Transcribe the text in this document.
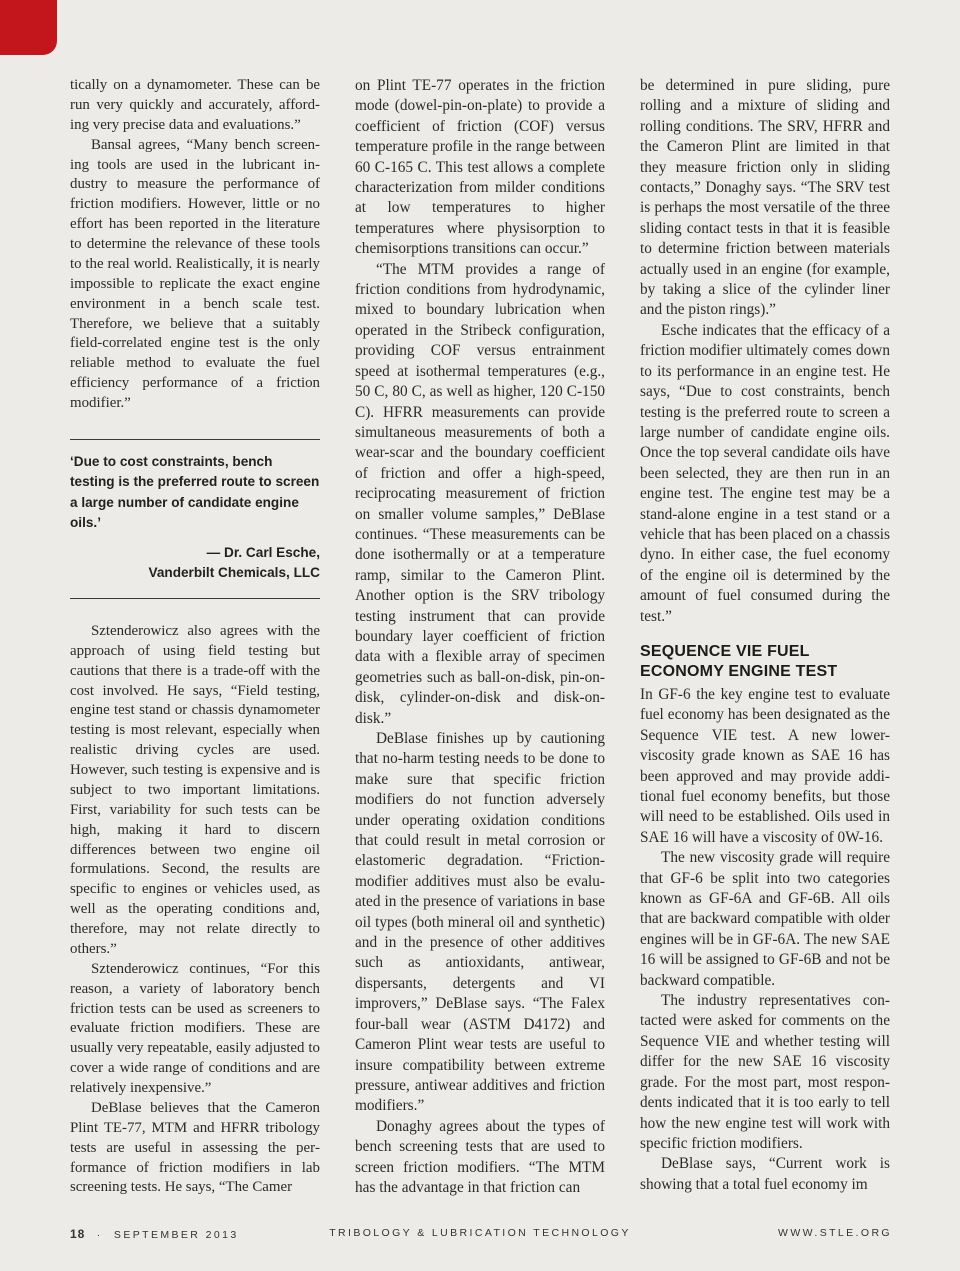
tically on a dynamometer. These can be run very quickly and accurately, affording very precise data and evaluations.”

Bansal agrees, “Many bench screening tools are used in the lubricant industry to measure the performance of friction modifiers. However, little or no effort has been reported in the literature to determine the relevance of these tools to the real world. Realistically, it is nearly impossible to replicate the exact engine environment in a bench scale test. Therefore, we believe that a suitably field-correlated engine test is the only reliable method to evaluate the fuel efficiency performance of a friction modifier.”

‘Due to cost constraints, bench testing is the preferred route to screen a large number of candidate engine oils.’
— Dr. Carl Esche,
Vanderbilt Chemicals, LLC

Sztenderowicz also agrees with the approach of using field testing but cautions that there is a trade-off with the cost involved. He says, “Field testing, engine test stand or chassis dynamometer testing is most relevant, especially when realistic driving cycles are used. However, such testing is expensive and is subject to two important limitations. First, variability for such tests can be high, making it hard to discern differences between two engine oil formulations. Second, the results are specific to engines or vehicles used, as well as the operating conditions and, therefore, may not relate directly to others.”

Sztenderowicz continues, “For this reason, a variety of laboratory bench friction tests can be used as screeners to evaluate friction modifiers. These are usually very repeatable, easily adjusted to cover a wide range of conditions and are relatively inexpensive.”

DeBlase believes that the Cameron Plint TE-77, MTM and HFRR tribology tests are useful in assessing the performance of friction modifiers in lab screening tests. He says, “The Camer

on Plint TE-77 operates in the friction mode (dowel-pin-on-plate) to provide a coefficient of friction (COF) versus temperature profile in the range between 60 C-165 C. This test allows a complete characterization from milder conditions at low temperatures to higher temperatures where physisorption to chemisorptions transitions can occur.”

“The MTM provides a range of friction conditions from hydrodynamic, mixed to boundary lubrication when operated in the Stribeck configuration, providing COF versus entrainment speed at isothermal temperatures (e.g., 50 C, 80 C, as well as higher, 120 C-150 C). HFRR measurements can provide simultaneous measurements of both a wear-scar and the boundary coefficient of friction and offer a high-speed, reciprocating measurement of friction on smaller volume samples,” DeBlase continues. “These measurements can be done isothermally or at a temperature ramp, similar to the Cameron Plint. Another option is the SRV tribology testing instrument that can provide boundary layer coefficient of friction data with a flexible array of specimen geometries such as ball-on-disk, pin-on-disk, cylinder-on-disk and disk-on-disk.”

DeBlase finishes up by cautioning that no-harm testing needs to be done to make sure that specific friction modifiers do not function adversely under operating oxidation conditions that could result in metal corrosion or elastomeric degradation. “Friction-modifier additives must also be evaluated in the presence of variations in base oil types (both mineral oil and synthetic) and in the presence of other additives such as antioxidants, antiwear, dispersants, detergents and VI improvers,” DeBlase says. “The Falex four-ball wear (ASTM D4172) and Cameron Plint wear tests are useful to insure compatibility between extreme pressure, antiwear additives and friction modifiers.”

Donaghy agrees about the types of bench screening tests that are used to screen friction modifiers. “The MTM has the advantage in that friction can

be determined in pure sliding, pure rolling and a mixture of sliding and rolling conditions. The SRV, HFRR and the Cameron Plint are limited in that they measure friction only in sliding contacts,” Donaghy says. “The SRV test is perhaps the most versatile of the three sliding contact tests in that it is feasible to determine friction between materials actually used in an engine (for example, by taking a slice of the cylinder liner and the piston rings).”

Esche indicates that the efficacy of a friction modifier ultimately comes down to its performance in an engine test. He says, “Due to cost constraints, bench testing is the preferred route to screen a large number of candidate engine oils. Once the top several candidate oils have been selected, they are then run in an engine test. The engine test may be a stand-alone engine in a test stand or a vehicle that has been placed on a chassis dyno. In either case, the fuel economy of the engine oil is determined by the amount of fuel consumed during the test.”

SEQUENCE VIE FUEL
ECONOMY ENGINE TEST

In GF-6 the key engine test to evaluate fuel economy has been designated as the Sequence VIE test. A new lower-viscosity grade known as SAE 16 has been approved and may provide additional fuel economy benefits, but those will need to be established. Oils used in SAE 16 will have a viscosity of 0W-16.

The new viscosity grade will require that GF-6 be split into two categories known as GF-6A and GF-6B. All oils that are backward compatible with older engines will be in GF-6A. The new SAE 16 will be assigned to GF-6B and not be backward compatible.

The industry representatives contacted were asked for comments on the Sequence VIE and whether testing will differ for the new SAE 16 viscosity grade. For the most part, most respondents indicated that it is too early to tell how the new engine test will work with specific friction modifiers.

DeBlase says, “Current work is showing that a total fuel economy im

18 · SEPTEMBER 2013	TRIBOLOGY & LUBRICATION TECHNOLOGY	WWW.STLE.ORG
